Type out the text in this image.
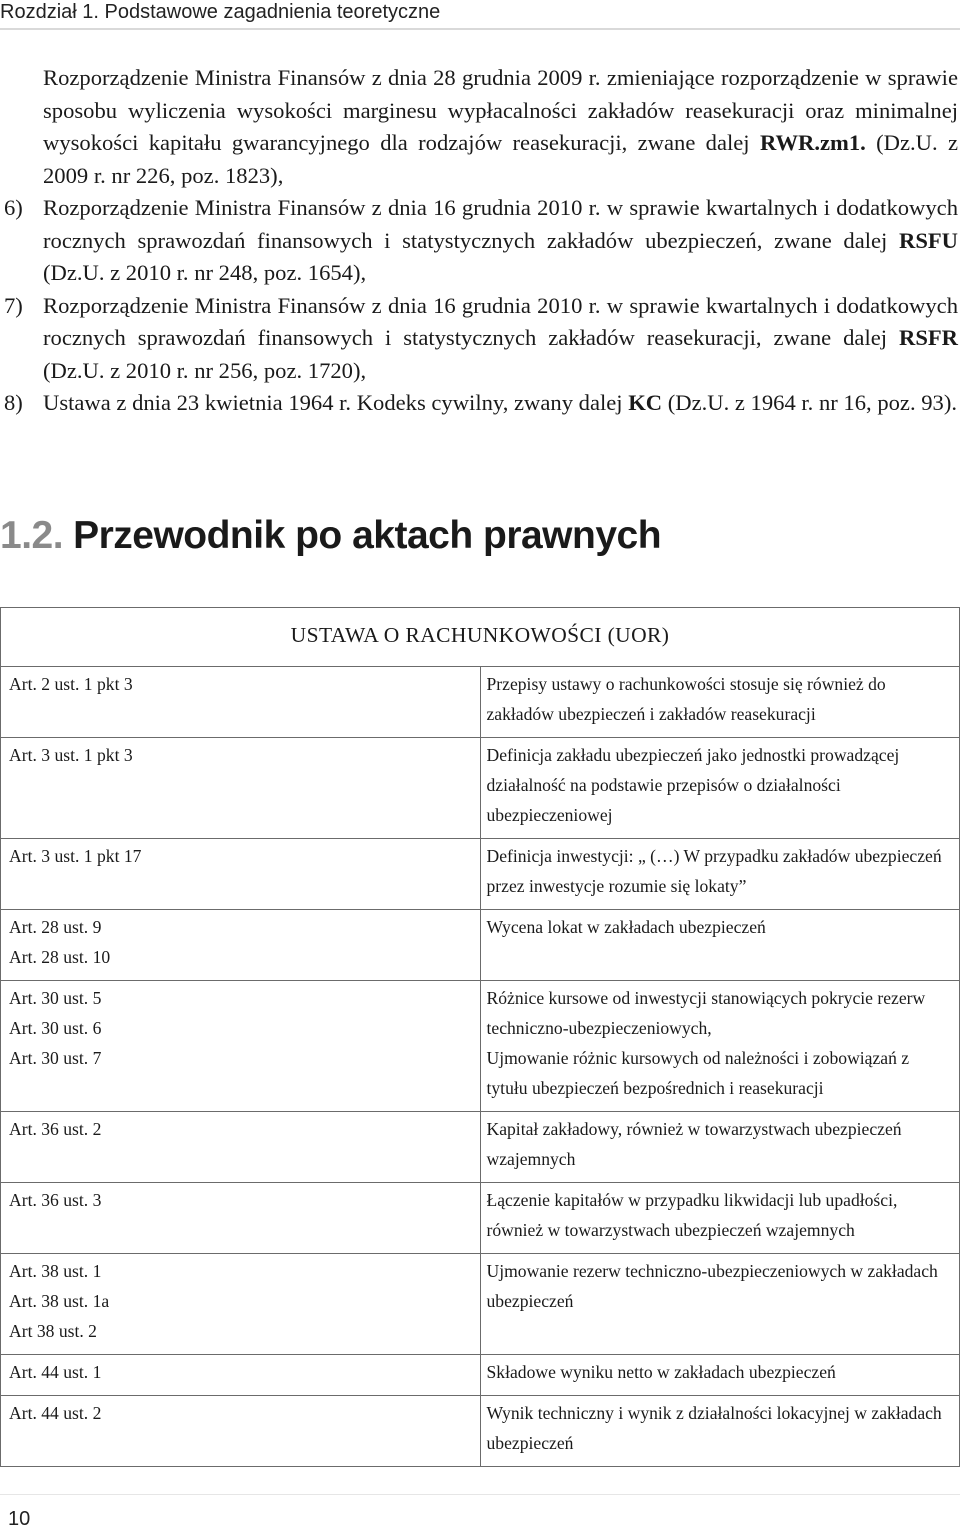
Rozdział 1. Podstawowe zagadnienia teoretyczne
Rozporządzenie Ministra Finansów z dnia 28 grudnia 2009 r. zmieniające rozporządzenie w sprawie sposobu wyliczenia wysokości marginesu wypłacalności zakładów reasekuracji oraz minimalnej wysokości kapitału gwarancyjnego dla rodzajów reasekuracji, zwane dalej RWR.zm1. (Dz.U. z 2009 r. nr 226, poz. 1823),
6) Rozporządzenie Ministra Finansów z dnia 16 grudnia 2010 r. w sprawie kwartalnych i dodatkowych rocznych sprawozdań finansowych i statystycznych zakładów ubezpieczeń, zwane dalej RSFU (Dz.U. z 2010 r. nr 248, poz. 1654),
7) Rozporządzenie Ministra Finansów z dnia 16 grudnia 2010 r. w sprawie kwartalnych i dodatkowych rocznych sprawozdań finansowych i statystycznych zakładów reasekuracji, zwane dalej RSFR (Dz.U. z 2010 r. nr 256, poz. 1720),
8) Ustawa z dnia 23 kwietnia 1964 r. Kodeks cywilny, zwany dalej KC (Dz.U. z 1964 r. nr 16, poz. 93).
1.2. Przewodnik po aktach prawnych
USTAWA O RACHUNKOWOŚCI (UOR)	

Art. 2 ust. 1 pkt 3	Przepisy ustawy o rachunkowości stosuje się również do zakładów ubezpieczeń i zakładów reasekuracji

Art. 3 ust. 1 pkt 3	Definicja zakładu ubezpieczeń jako jednostki prowadzącej działalność na podstawie przepisów o działalności ubezpieczeniowej

Art. 3 ust. 1 pkt 17	Definicja inwestycji: „ (…) W przypadku zakładów ubezpieczeń przez inwestycje rozumie się lokaty”

Art. 28 ust. 9
Art. 28 ust. 10	Wycena lokat w zakładach ubezpieczeń

Art. 30 ust. 5
Art. 30 ust. 6
Art. 30 ust. 7	Różnice kursowe od inwestycji stanowiących pokrycie rezerw techniczno-ubezpieczeniowych,
Ujmowanie różnic kursowych od należności i zobowiązań z tytułu ubezpieczeń bezpośrednich i reasekuracji

Art. 36 ust. 2	Kapitał zakładowy, również w towarzystwach ubezpieczeń wzajemnych

Art. 36 ust. 3	Łączenie kapitałów w przypadku likwidacji lub upadłości, również w towarzystwach ubezpieczeń wzajemnych

Art. 38 ust. 1
Art. 38 ust. 1a
Art 38 ust. 2	Ujmowanie rezerw techniczno-ubezpieczeniowych w zakładach ubezpieczeń

Art. 44 ust. 1	Składowe wyniku netto w zakładach ubezpieczeń

Art. 44 ust. 2	Wynik techniczny i wynik z działalności lokacyjnej w zakładach ubezpieczeń
10
